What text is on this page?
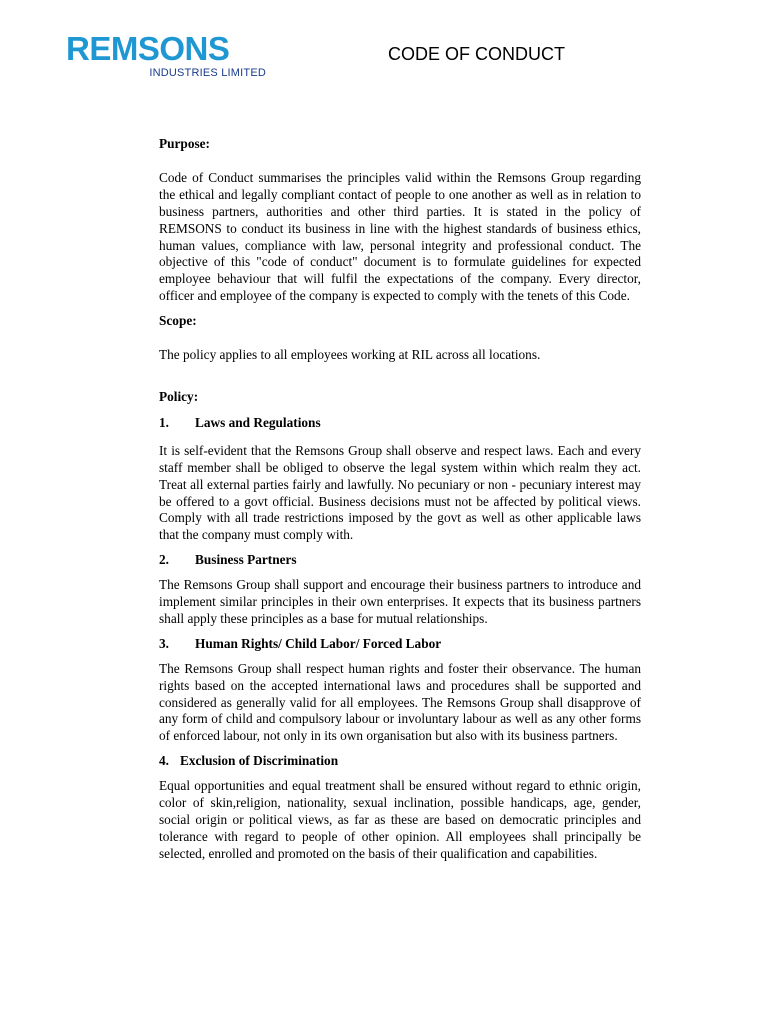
REMSONS
INDUSTRIES LIMITED
CODE OF CONDUCT

Purpose:

Code of Conduct summarises the principles valid within the Remsons Group regarding the ethical and legally compliant contact of people to one another as well as in relation to business partners, authorities and other third parties. It is stated in the policy of REMSONS to conduct its business in line with the highest standards of business ethics, human values, compliance with law, personal integrity and professional conduct. The objective of this "code of conduct" document is to formulate guidelines for expected employee behaviour that will fulfil the expectations of the company. Every director, officer and employee of the company is expected to comply with the tenets of this Code.

Scope:

The policy applies to all employees working at RIL across all locations.

Policy:

1. Laws and Regulations

It is self-evident that the Remsons Group shall observe and respect laws. Each and every staff member shall be obliged to observe the legal system within which realm they act. Treat all external parties fairly and lawfully. No pecuniary or non - pecuniary interest may be offered to a govt official. Business decisions must not be affected by political views. Comply with all trade restrictions imposed by the govt as well as other applicable laws that the company must comply with.

2. Business Partners

The Remsons Group shall support and encourage their business partners to introduce and implement similar principles in their own enterprises. It expects that its business partners shall apply these principles as a base for mutual relationships.

3. Human Rights/ Child Labor/ Forced Labor

The Remsons Group shall respect human rights and foster their observance. The human rights based on the accepted international laws and procedures shall be supported and considered as generally valid for all employees. The Remsons Group shall disapprove of any form of child and compulsory labour or involuntary labour as well as any other forms of enforced labour, not only in its own organisation but also with its business partners.

4. Exclusion of Discrimination

Equal opportunities and equal treatment shall be ensured without regard to ethnic origin, color of skin,religion, nationality, sexual inclination, possible handicaps, age, gender, social origin or political views, as far as these are based on democratic principles and tolerance with regard to people of other opinion. All employees shall principally be selected, enrolled and promoted on the basis of their qualification and capabilities.
